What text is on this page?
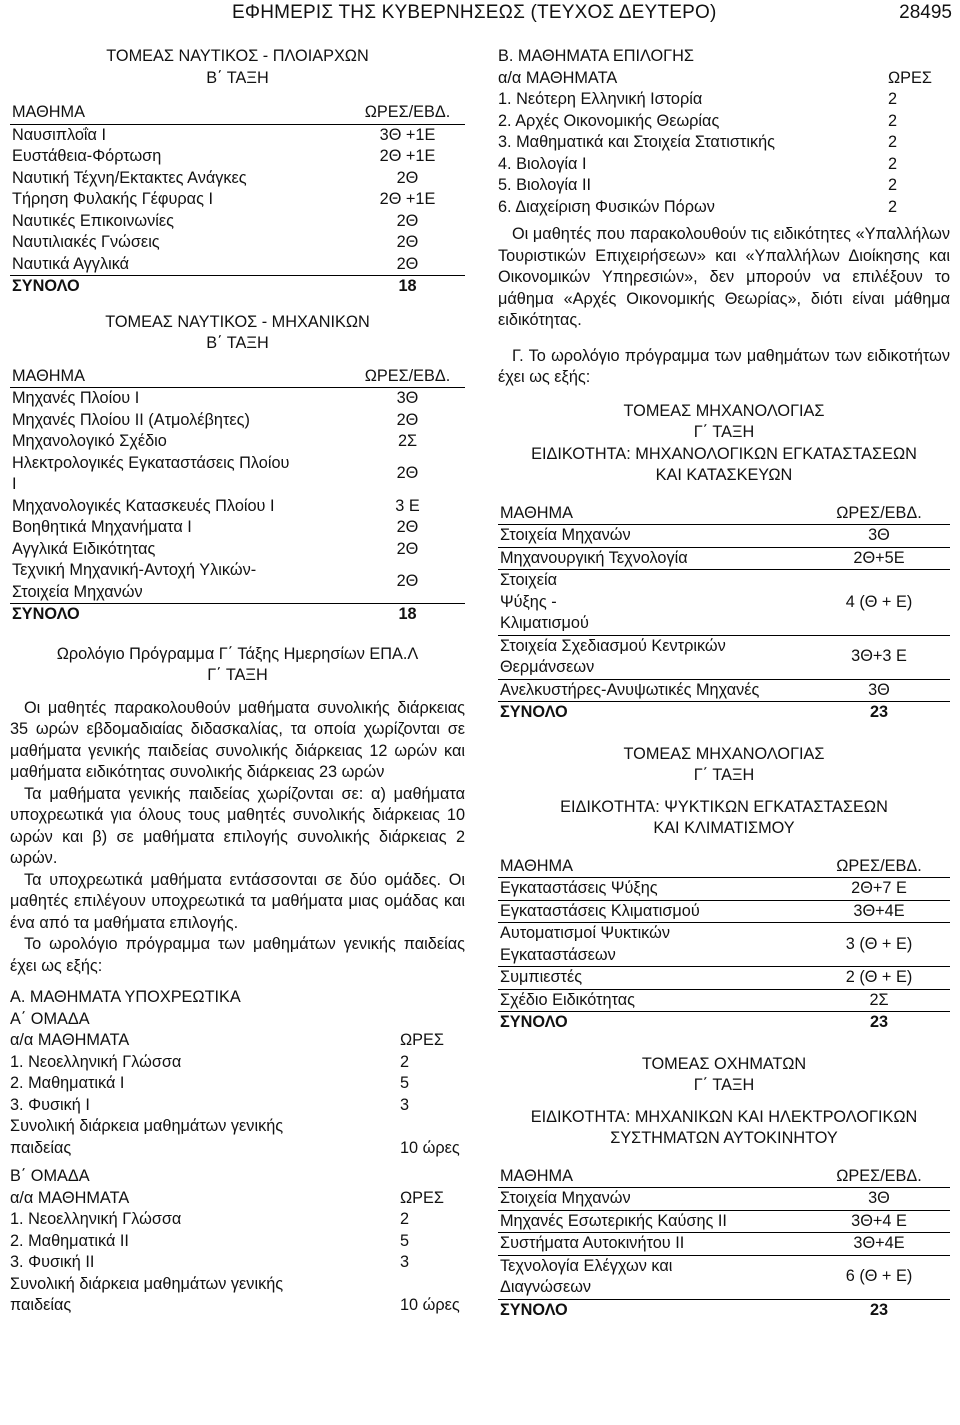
ΕΦΗΜΕΡΙΣ ΤΗΣ ΚΥΒΕΡΝΗΣΕΩΣ (ΤΕΥΧΟΣ ΔΕΥΤΕΡΟ)	28495
ΤΟΜΕΑΣ ΝΑΥΤΙΚΟΣ - ΠΛΟΙΑΡΧΩΝ
Β΄ ΤΑΞΗ
ΜΑΘΗΜΑ	ΩΡΕΣ/ΕΒΔ.
Ναυσιπλοΐα Ι	3Θ +1Ε
Ευστάθεια-Φόρτωση	2Θ +1Ε
Ναυτική Τέχνη/Εκτακτες Ανάγκες	2Θ
Τήρηση Φυλακής Γέφυρας Ι	2Θ +1Ε
Ναυτικές Επικοινωνίες	2Θ
Ναυτιλιακές Γνώσεις	2Θ
Ναυτικά Αγγλικά	2Θ
ΣΥΝΟΛΟ	18
ΤΟΜΕΑΣ ΝΑΥΤΙΚΟΣ - ΜΗΧΑΝΙΚΩΝ
Β΄ ΤΑΞΗ
ΜΑΘΗΜΑ	ΩΡΕΣ/ΕΒΔ.
Μηχανές Πλοίου Ι	3Θ
Μηχανές Πλοίου ΙΙ (Ατμολέβητες)	2Θ
Μηχανολογικό Σχέδιο	2Σ
Ηλεκτρολογικές Εγκαταστάσεις Πλοίου Ι	2Θ
Μηχανολογικές Κατασκευές Πλοίου Ι	3 Ε
Βοηθητικά Μηχανήματα Ι	2Θ
Αγγλικά Ειδικότητας	2Θ
Τεχνική Μηχανική-Αντοχή Υλικών-Στοιχεία Μηχανών	2Θ
ΣΥΝΟΛΟ	18
Ωρολόγιο Πρόγραμμα Γ΄ Τάξης Ημερησίων ΕΠΑ.Λ
Γ΄ ΤΑΞΗ

Οι μαθητές παρακολουθούν μαθήματα συνολικής διάρκειας 35 ωρών εβδομαδιαίας διδασκαλίας, τα οποία χωρίζονται σε μαθήματα γενικής παιδείας συνολικής διάρκειας 12 ωρών και μαθήματα ειδικότητας συνολικής διάρκειας 23 ωρών

Τα μαθήματα γενικής παιδείας χωρίζονται σε: α) μαθήματα υποχρεωτικά για όλους τους μαθητές συνολικής διάρκειας 10 ωρών και β) σε μαθήματα επιλογής συνολικής διάρκειας 2 ωρών.

Τα υποχρεωτικά μαθήματα εντάσσονται σε δύο ομάδες. Οι μαθητές επιλέγουν υποχρεωτικά τα μαθήματα μιας ομάδας και ένα από τα μαθήματα επιλογής.

Το ωρολόγιο πρόγραμμα των μαθημάτων γενικής παιδείας έχει ως εξής:

Α. ΜΑΘΗΜΑΤΑ ΥΠΟΧΡΕΩΤΙΚΑ
Α΄ ΟΜΑΔΑ
α/α ΜΑΘΗΜΑΤΑ	ΩΡΕΣ
1. Νεοελληνική Γλώσσα	2
2. Μαθηματικά Ι	5
3. Φυσική Ι	3
Συνολική διάρκεια μαθημάτων γενικής	
παιδείας	10 ώρες
Β΄ ΟΜΑΔΑ
α/α ΜΑΘΗΜΑΤΑ	ΩΡΕΣ
1. Νεοελληνική Γλώσσα	2
2. Μαθηματικά ΙΙ	5
3. Φυσική ΙΙ	3
Συνολική διάρκεια μαθημάτων γενικής	
παιδείας	10 ώρες
Β. ΜΑΘΗΜΑΤΑ ΕΠΙΛΟΓΗΣ
α/α ΜΑΘΗΜΑΤΑ	ΩΡΕΣ
1. Νεότερη Ελληνική Ιστορία	2
2. Αρχές Οικονομικής Θεωρίας	2
3. Μαθηματικά και Στοιχεία Στατιστικής	2
4. Βιολογία Ι	2
5. Βιολογία ΙΙ	2
6. Διαχείριση Φυσικών Πόρων	2

Οι μαθητές που παρακολουθούν τις ειδικότητες «Υπαλλήλων Τουριστικών Επιχειρήσεων» και «Υπαλλήλων Διοίκησης και Οικονομικών Υπηρεσιών», δεν μπορούν να επιλέξουν το μάθημα «Αρχές Οικονομικής Θεωρίας», διότι είναι μάθημα ειδικότητας.

Γ. Το ωρολόγιο πρόγραμμα των μαθημάτων των ειδικοτήτων έχει ως εξής:

ΤΟΜΕΑΣ ΜΗΧΑΝΟΛΟΓΙΑΣ
Γ΄ ΤΑΞΗ
ΕΙΔΙΚΟΤΗΤΑ: ΜΗΧΑΝΟΛΟΓΙΚΩΝ ΕΓΚΑΤΑΣΤΑΣΕΩΝ
ΚΑΙ ΚΑΤΑΣΚΕΥΩΝ
ΜΑΘΗΜΑ	ΩΡΕΣ/ΕΒΔ.
Στοιχεία Μηχανών	3Θ
Μηχανουργική Τεχνολογία	2Θ+5Ε
Στοιχεία Ψύξης - Κλιματισμού	4 (Θ + Ε)
Στοιχεία Σχεδιασμού Κεντρικών Θερμάνσεων	3Θ+3 Ε
Ανελκυστήρες-Ανυψωτικές Μηχανές	3Θ
ΣΥΝΟΛΟ	23
ΤΟΜΕΑΣ ΜΗΧΑΝΟΛΟΓΙΑΣ
Γ΄ ΤΑΞΗ
ΕΙΔΙΚΟΤΗΤΑ: ΨΥΚΤΙΚΩΝ ΕΓΚΑΤΑΣΤΑΣΕΩΝ
ΚΑΙ ΚΛΙΜΑΤΙΣΜΟΥ
ΜΑΘΗΜΑ	ΩΡΕΣ/ΕΒΔ.
Εγκαταστάσεις Ψύξης	2Θ+7 Ε
Εγκαταστάσεις Κλιματισμού	3Θ+4Ε
Αυτοματισμοί Ψυκτικών Εγκαταστάσεων	3 (Θ + Ε)
Συμπιεστές	2 (Θ + Ε)
Σχέδιο Ειδικότητας	2Σ
ΣΥΝΟΛΟ	23
ΤΟΜΕΑΣ ΟΧΗΜΑΤΩΝ
Γ΄ ΤΑΞΗ
ΕΙΔΙΚΟΤΗΤΑ: ΜΗΧΑΝΙΚΩΝ ΚΑΙ ΗΛΕΚΤΡΟΛΟΓΙΚΩΝ
ΣΥΣΤΗΜΑΤΩΝ ΑΥΤΟΚΙΝΗΤΟΥ
ΜΑΘΗΜΑ	ΩΡΕΣ/ΕΒΔ.
Στοιχεία Μηχανών	3Θ
Μηχανές Εσωτερικής Καύσης ΙΙ	3Θ+4 Ε
Συστήματα Αυτοκινήτου ΙΙ	3Θ+4Ε
Τεχνολογία Ελέγχων και Διαγνώσεων	6 (Θ + Ε)
ΣΥΝΟΛΟ	23
